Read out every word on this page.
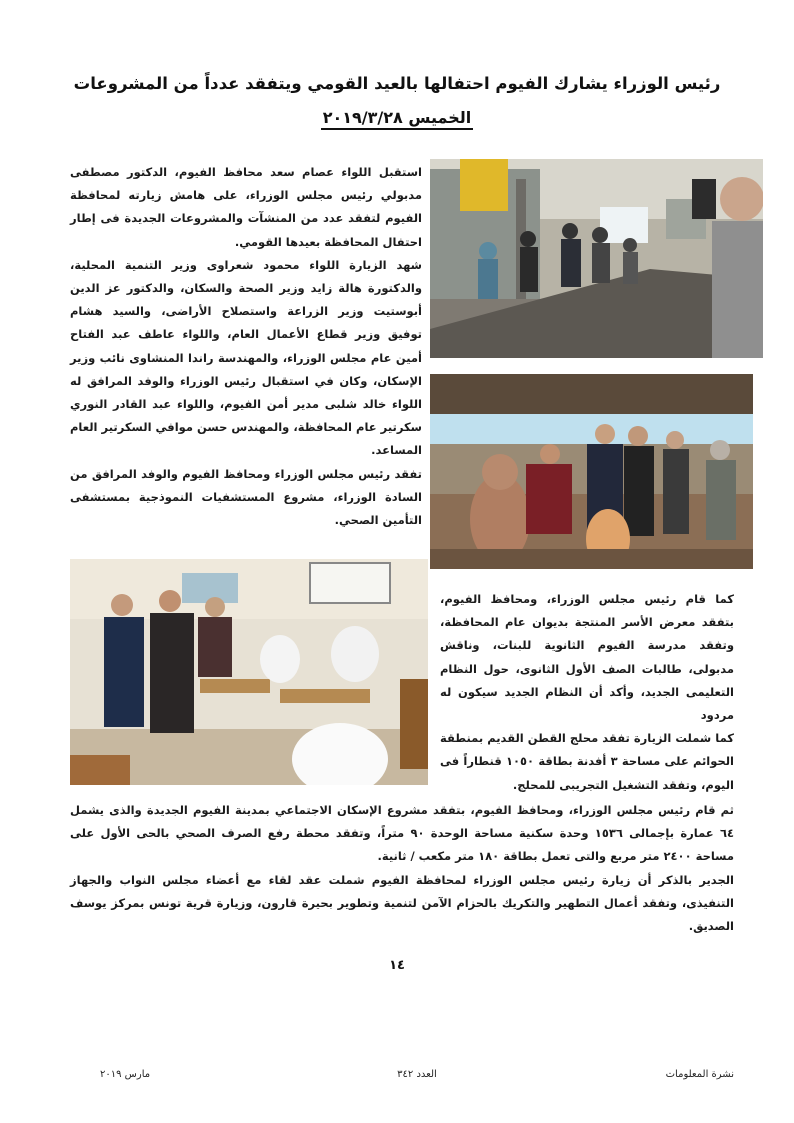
رئيس الوزراء يشارك الفيوم احتفالها بالعيد القومي ويتفقد عدداً من المشروعات
الخميس ٢٠١٩/٣/٢٨

استقبل اللواء عصام سعد محافظ الفيوم، الدكتور مصطفى مدبولي رئيس مجلس الوزراء، على هامش زيارته لمحافظة الفيوم لتفقد عدد من المنشآت والمشروعات الجديدة فى إطار احتفال المحافظة بعيدها القومي.

شهد الزيارة اللواء محمود شعراوى وزير التنمية المحلية، والدكتورة هالة زايد وزير الصحة والسكان، والدكتور عز الدين أبوستيت وزير الزراعة واستصلاح الأراضى، والسيد هشام توفيق وزير قطاع الأعمال العام، واللواء عاطف عبد الفتاح أمين عام مجلس الوزراء، والمهندسة راندا المنشاوى نائب وزير الإسكان، وكان في استقبال رئيس الوزراء والوفد المرافق له اللواء خالد شلبى مدير أمن الفيوم، واللواء عبد القادر النوري سكرتير عام المحافظة، والمهندس حسن موافي السكرتير العام المساعد.

تفقد رئيس مجلس الوزراء ومحافظ الفيوم والوفد المرافق من السادة الوزراء، مشروع المستشفيات النموذجية بمستشفى التأمين الصحي.

كما قام رئيس مجلس الوزراء، ومحافظ الفيوم، بتفقد معرض الأسر المنتجة بديوان عام المحافظة، وتفقد مدرسة الفيوم الثانوية للبنات، وناقش مدبولى، طالبات الصف الأول الثانوى، حول النظام التعليمى الجديد، وأكد أن النظام الجديد سيكون له مردود

كما شملت الزيارة تفقد محلج القطن القديم بمنطقة الحوائم على مساحة ٣ أفدنة بطاقة ١٠٥٠ قنطاراً فى اليوم، وتفقد التشغيل التجريبى للمحلج.

ثم قام رئيس مجلس الوزراء، ومحافظ الفيوم، بتفقد مشروع الإسكان الاجتماعي بمدينة الفيوم الجديدة والذى يشمل ٦٤ عمارة بإجمالى ١٥٣٦ وحدة سكنية مساحة الوحدة ٩٠ متراً، وتفقد محطة رفع الصرف الصحي بالحى الأول على مساحة ٢٤٠٠ متر مربع والتى تعمل بطاقة ١٨٠ متر مكعب / ثانية.

الجدير بالذكر أن زيارة رئيس مجلس الوزراء لمحافظة الفيوم شملت عقد لقاء مع أعضاء مجلس النواب والجهاز التنفيذى، وتفقد أعمال التطهير والتكريك بالحزام الآمن لتنمية وتطوير بحيرة قارون، وزيارة قرية تونس بمركز يوسف الصديق.

١٤
نشرة المعلومات
العدد ٣٤٢
مارس ٢٠١٩
